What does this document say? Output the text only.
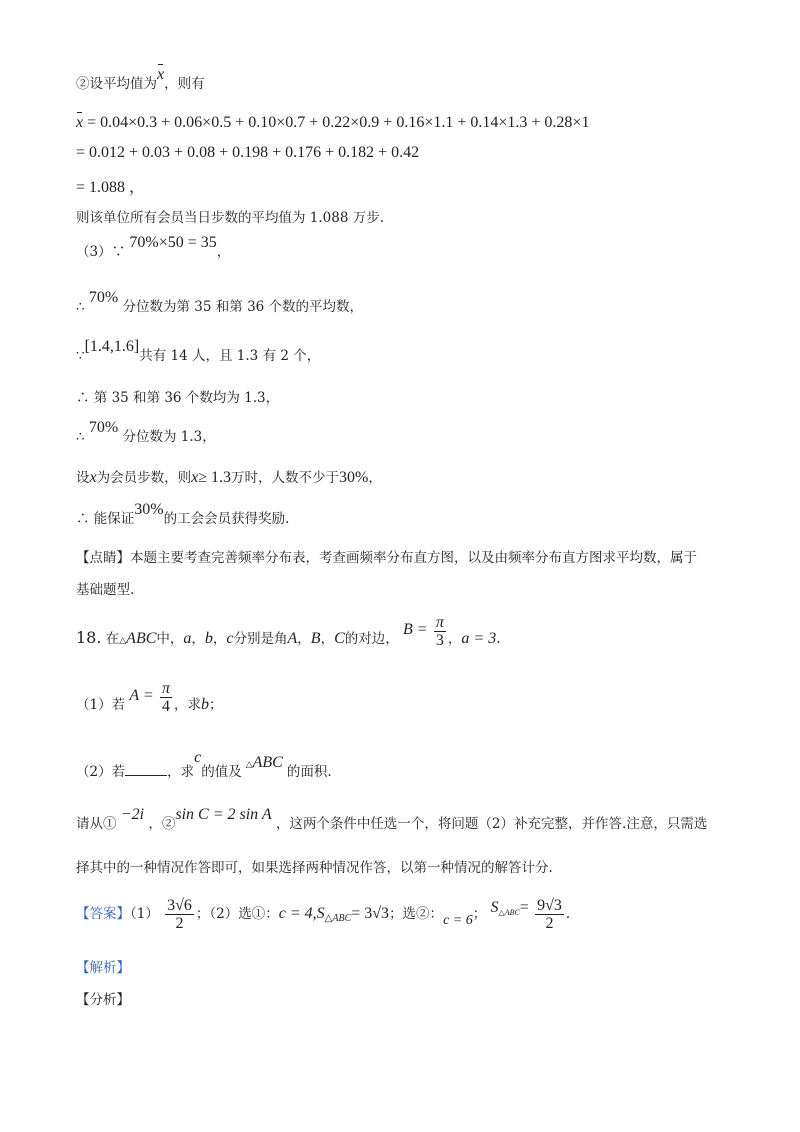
②设平均值为x，则有
x = 0.04×0.3 + 0.06×0.5 + 0.10×0.7 + 0.22×0.9 + 0.16×1.1 + 0.14×1.3 + 0.28×1
= 0.012 + 0.03 + 0.08 + 0.198 + 0.176 + 0.182 + 0.42
= 1.088 ，
则该单位所有会员当日步数的平均值为 1.088 万步.
（3）∵ 70%×50 = 35，
∴ 70% 分位数为第 35 和第 36 个数的平均数，
∵[1.4,1.6]共有 14 人，且 1.3 有 2 个，
∴ 第 35 和第 36 个数均为 1.3，
∴ 70% 分位数为 1.3，
设x为会员步数，则x≥ 1.3万时，人数不少于30%，
∴ 能保证30%的工会会员获得奖励.
【点睛】本题主要考查完善频率分布表，考查画频率分布直方图，以及由频率分布直方图求平均数，属于
基础题型.
18. 在△ABC中，a，b，c分别是角A，B，C的对边， $B = \frac{\pi}{3}$ ，a = 3.
（1）若 $A = \frac{\pi}{4}$ ，求b；
（2）若	，求c的值及 △ABC的面积.
请从① −2i ，②sin C = 2 sin A ，这两个条件中任选一个，将问题（2）补充完整，并作答.注意，只需选
择其中的一种情况作答即可，如果选择两种情况作答，以第一种情况的解答计分.
【答案】$(1) \frac{3√6}{2}$ ；（2）选①：$c = 4,S_{\triangle ABC}= 3√3$；选②：c = 6； $S^{\triangle ABC}= \frac{9√3}{2}$ .
【解析】
【分析】
